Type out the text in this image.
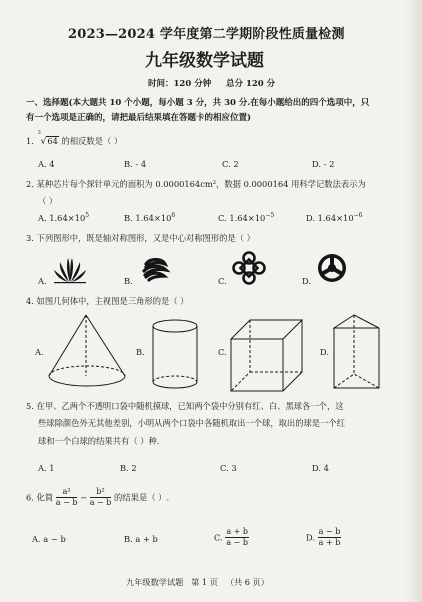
2023—2024 学年度第二学期阶段性质量检测
九年级数学试题
时间：120 分钟     总分 120 分
一、选择题(本大题共 10 个小题，每小题 3 分，共 30 分.在每小题给出的四个选项中，只
有一个选项是正确的，请把最后结果填在答题卡的相应位置)
1.
3
√64 的相反数是（ ）
A. 4	B. - 4	C. 2	D. - 2
2. 某种芯片每个探针单元的面积为 0.0000164cm²，数据 0.0000164 用科学记数法表示为
（ ）
A. $1.64\times 10^5$	B. $1.64\times 10^6$	C. $1.64\times 10^{-5}$	D. $1.64\times 10^{-6}$
3. 下列图形中，既是轴对称图形，又是中心对称图形的是（ ）
A.	B.	C.	D.
4. 如图几何体中，主视图是三角形的是（ ）
A.	B.	C.	D.
5. 在甲、乙两个不透明口袋中随机摸球，已知两个袋中分别有红、白、黑球各一个，这
些球除颜色外无其他差别，小明从两个口袋中各随机取出一个球，取出的球是一个红
球和一个白球的结果共有（ ）种.
A. 1	B. 2	C. 3	D. 4
6. 化简 $\frac{\text{a²}}{a - b} - \frac{\text{b²}}{a - b}$ 的结果是（ ）.
A. a − b	B. a + b	C. $\frac{a + b}{a - b}$	D. $\frac{a - b}{a + b}$
九年级数学试题   第 1 页   （共 6 页）
